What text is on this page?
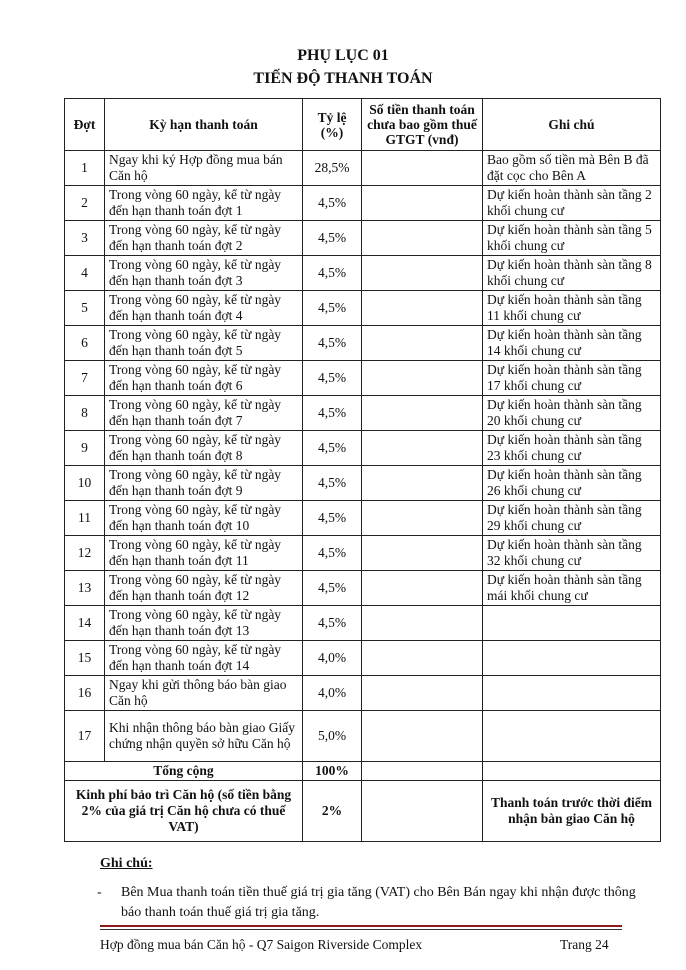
PHỤ LỤC 01
TIẾN ĐỘ THANH TOÁN
Đợt	Kỳ hạn thanh toán	Tỷ lệ (%)	Số tiền thanh toán chưa bao gồm thuế GTGT (vnđ)	Ghi chú
1	Ngay khi ký Hợp đồng mua bán Căn hộ	28,5%		Bao gồm số tiền mà Bên B đã đặt cọc cho Bên A
2	Trong vòng 60 ngày, kể từ ngày đến hạn thanh toán đợt 1	4,5%		Dự kiến hoàn thành sàn tầng 2 khối chung cư
3	Trong vòng 60 ngày, kể từ ngày đến hạn thanh toán đợt 2	4,5%		Dự kiến hoàn thành sàn tầng 5 khối chung cư
4	Trong vòng 60 ngày, kể từ ngày đến hạn thanh toán đợt 3	4,5%		Dự kiến hoàn thành sàn tầng 8 khối chung cư
5	Trong vòng 60 ngày, kể từ ngày đến hạn thanh toán đợt 4	4,5%		Dự kiến hoàn thành sàn tầng 11 khối chung cư
6	Trong vòng 60 ngày, kể từ ngày đến hạn thanh toán đợt 5	4,5%		Dự kiến hoàn thành sàn tầng 14 khối chung cư
7	Trong vòng 60 ngày, kể từ ngày đến hạn thanh toán đợt 6	4,5%		Dự kiến hoàn thành sàn tầng 17 khối chung cư
8	Trong vòng 60 ngày, kể từ ngày đến hạn thanh toán đợt 7	4,5%		Dự kiến hoàn thành sàn tầng 20 khối chung cư
9	Trong vòng 60 ngày, kể từ ngày đến hạn thanh toán đợt 8	4,5%		Dự kiến hoàn thành sàn tầng 23 khối chung cư
10	Trong vòng 60 ngày, kể từ ngày đến hạn thanh toán đợt 9	4,5%		Dự kiến hoàn thành sàn tầng 26 khối chung cư
11	Trong vòng 60 ngày, kể từ ngày đến hạn thanh toán đợt 10	4,5%		Dự kiến hoàn thành sàn tầng 29 khối chung cư
12	Trong vòng 60 ngày, kể từ ngày đến hạn thanh toán đợt 11	4,5%		Dự kiến hoàn thành sàn tầng 32 khối chung cư
13	Trong vòng 60 ngày, kể từ ngày đến hạn thanh toán đợt 12	4,5%		Dự kiến hoàn thành sàn tầng mái khối chung cư
14	Trong vòng 60 ngày, kể từ ngày đến hạn thanh toán đợt 13	4,5%		
15	Trong vòng 60 ngày, kể từ ngày đến hạn thanh toán đợt 14	4,0%		
16	Ngay khi gửi thông báo bàn giao Căn hộ	4,0%		
17	Khi nhận thông báo bàn giao Giấy chứng nhận quyền sở hữu Căn hộ	5,0%		
Tổng cộng		100%		
Kinh phí bảo trì Căn hộ (số tiền bằng 2% của giá trị Căn hộ chưa có thuế VAT)		2%		Thanh toán trước thời điểm nhận bàn giao Căn hộ
Ghi chú:
- Bên Mua thanh toán tiền thuế giá trị gia tăng (VAT) cho Bên Bán ngay khi nhận được thông báo thanh toán thuế giá trị gia tăng.
Hợp đồng mua bán Căn hộ - Q7 Saigon Riverside Complex	Trang 24
